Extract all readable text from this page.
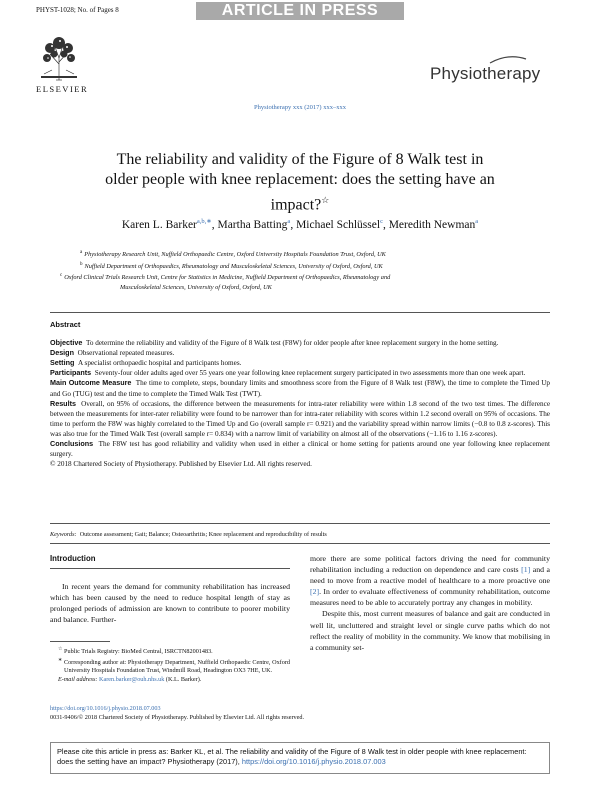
PHYST-1028; No. of Pages 8	ARTICLE IN PRESS
ELSEVIER
Physiotherapy
Physiotherapy xxx (2017) xxx–xxx
The reliability and validity of the Figure of 8 Walk test in
older people with knee replacement: does the setting have an
impact?☆
Karen L. Barker$^{a,b,∗}$, Martha Batting$^a$, Michael Schlüssel$^c$, Meredith Newman$^a$
$^a$ Physiotherapy Research Unit, Nuffield Orthopaedic Centre, Oxford University Hospitals Foundation Trust, Oxford, UK
$^b$ Nuffield Department of Orthopaedics, Rheumatology and Musculoskeletal Sciences, University of Oxford, Oxford, UK
$^c$ Oxford Clinical Trials Research Unit, Centre for Statistics in Medicine, Nuffield Department of Orthopaedics, Rheumatology and
Musculoskeletal Sciences, University of Oxford, Oxford, UK
Abstract
Objective To determine the reliability and validity of the Figure of 8 Walk test (F8W) for older people after knee replacement surgery in the home setting.
Design Observational repeated measures.
Setting A specialist orthopaedic hospital and participants homes.
Participants Seventy-four older adults aged over 55 years one year following knee replacement surgery participated in two assessments more than one week apart.
Main Outcome Measure The time to complete, steps, boundary limits and smoothness score from the Figure of 8 Walk test (F8W), the time to complete the Timed Up and Go (TUG) test and the time to complete the Timed Walk Test (TWT).
Results Overall, on 95% of occasions, the difference between the measurements for intra-rater reliability were within 1.8 second of the two test times. The difference between the measurements for inter-rater reliability were found to be narrower than for intra-rater reliability with scores within 1.2 second overall on 95% of occasions. The time to perform the F8W was highly correlated to the Timed Up and Go (overall sample r= 0.921) and the variability spread within narrow limits (−0.8 to 0.8 z-scores). This was also true for the Timed Walk Test (overall sample r= 0.834) with a narrow limit of variability on almost all of the observations (−1.16 to 1.16 z-scores).
Conclusions The F8W test has good reliability and validity when used in either a clinical or home setting for patients around one year following knee replacement surgery.
© 2018 Chartered Society of Physiotherapy. Published by Elsevier Ltd. All rights reserved.
Keywords: Outcome assessment; Gait; Balance; Osteoarthritis; Knee replacement and reproducibility of results
Introduction

In recent years the demand for community rehabilitation has increased which has been caused by the need to reduce hospital length of stay as prolonged periods of admission are known to contribute to poorer mobility and balance. Further-

more there are some political factors driving the need for community rehabilitation including a reduction on dependence and care costs [1] and a need to move from a reactive model of healthcare to a more proactive one [2]. In order to evaluate effectiveness of community rehabilitation, outcome measures need to be able to accurately portray any changes in mobility.

Despite this, most current measures of balance and gait are conducted in well lit, uncluttered and straight level or single curve paths which do not reflect the reality of mobility in the community. We know that mobilising in a community set-

☆ Public Trials Registry: BioMed Central, ISRCTN82001483.
∗ Corresponding author at: Physiotherapy Department, Nuffield Orthopaedic Centre, Oxford University Hospitals Foundation Trust, Windmill Road, Headington OX3 7HE, UK.
E-mail address: Karen.barker@ouh.nhs.uk (K.L. Barker).
https://doi.org/10.1016/j.physio.2018.07.003
0031-9406/© 2018 Chartered Society of Physiotherapy. Published by Elsevier Ltd. All rights reserved.
Please cite this article in press as: Barker KL, et al. The reliability and validity of the Figure of 8 Walk test in older people with knee replacement: does the setting have an impact? Physiotherapy (2017), https://doi.org/10.1016/j.physio.2018.07.003
